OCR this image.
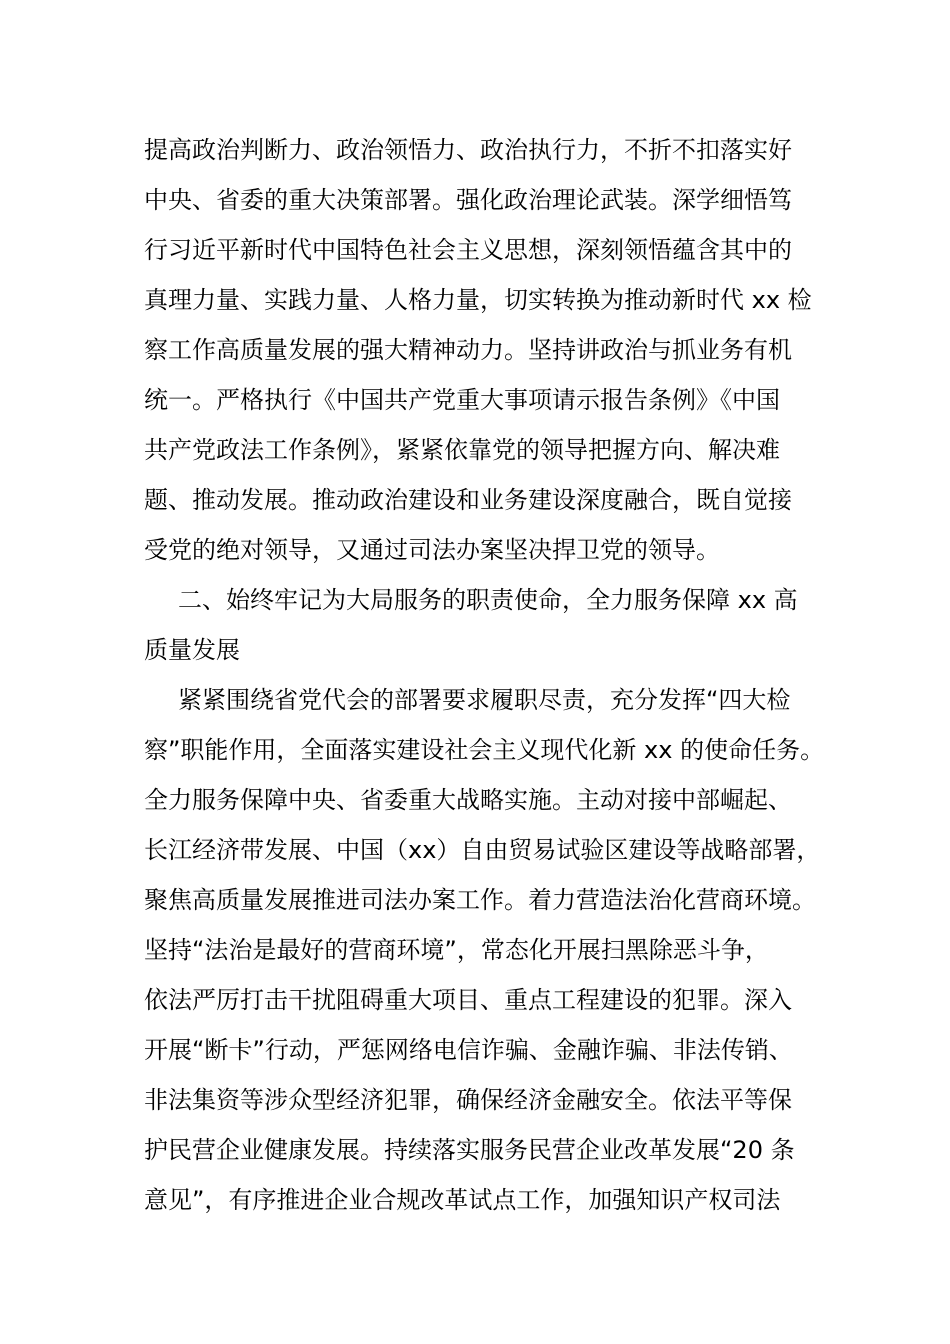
提高政治判断力、政治领悟力、政治执行力，不折不扣落实好
中央、省委的重大决策部署。强化政治理论武装。深学细悟笃
行习近平新时代中国特色社会主义思想，深刻领悟蕴含其中的
真理力量、实践力量、人格力量，切实转换为推动新时代 xx 检
察工作高质量发展的强大精神动力。坚持讲政治与抓业务有机
统一。严格执行《中国共产党重大事项请示报告条例》《中国
共产党政法工作条例》，紧紧依靠党的领导把握方向、解决难
题、推动发展。推动政治建设和业务建设深度融合，既自觉接
受党的绝对领导，又通过司法办案坚决捍卫党的领导。
二、始终牢记为大局服务的职责使命，全力服务保障 xx 高
质量发展
紧紧围绕省党代会的部署要求履职尽责，充分发挥“四大检
察”职能作用，全面落实建设社会主义现代化新 xx 的使命任务。
全力服务保障中央、省委重大战略实施。主动对接中部崛起、
长江经济带发展、中国（xx）自由贸易试验区建设等战略部署，
聚焦高质量发展推进司法办案工作。着力营造法治化营商环境。
坚持“法治是最好的营商环境”，常态化开展扫黑除恶斗争，
依法严厉打击干扰阻碍重大项目、重点工程建设的犯罪。深入
开展“断卡”行动，严惩网络电信诈骗、金融诈骗、非法传销、
非法集资等涉众型经济犯罪，确保经济金融安全。依法平等保
护民营企业健康发展。持续落实服务民营企业改革发展“20 条
意见”，有序推进企业合规改革试点工作，加强知识产权司法
